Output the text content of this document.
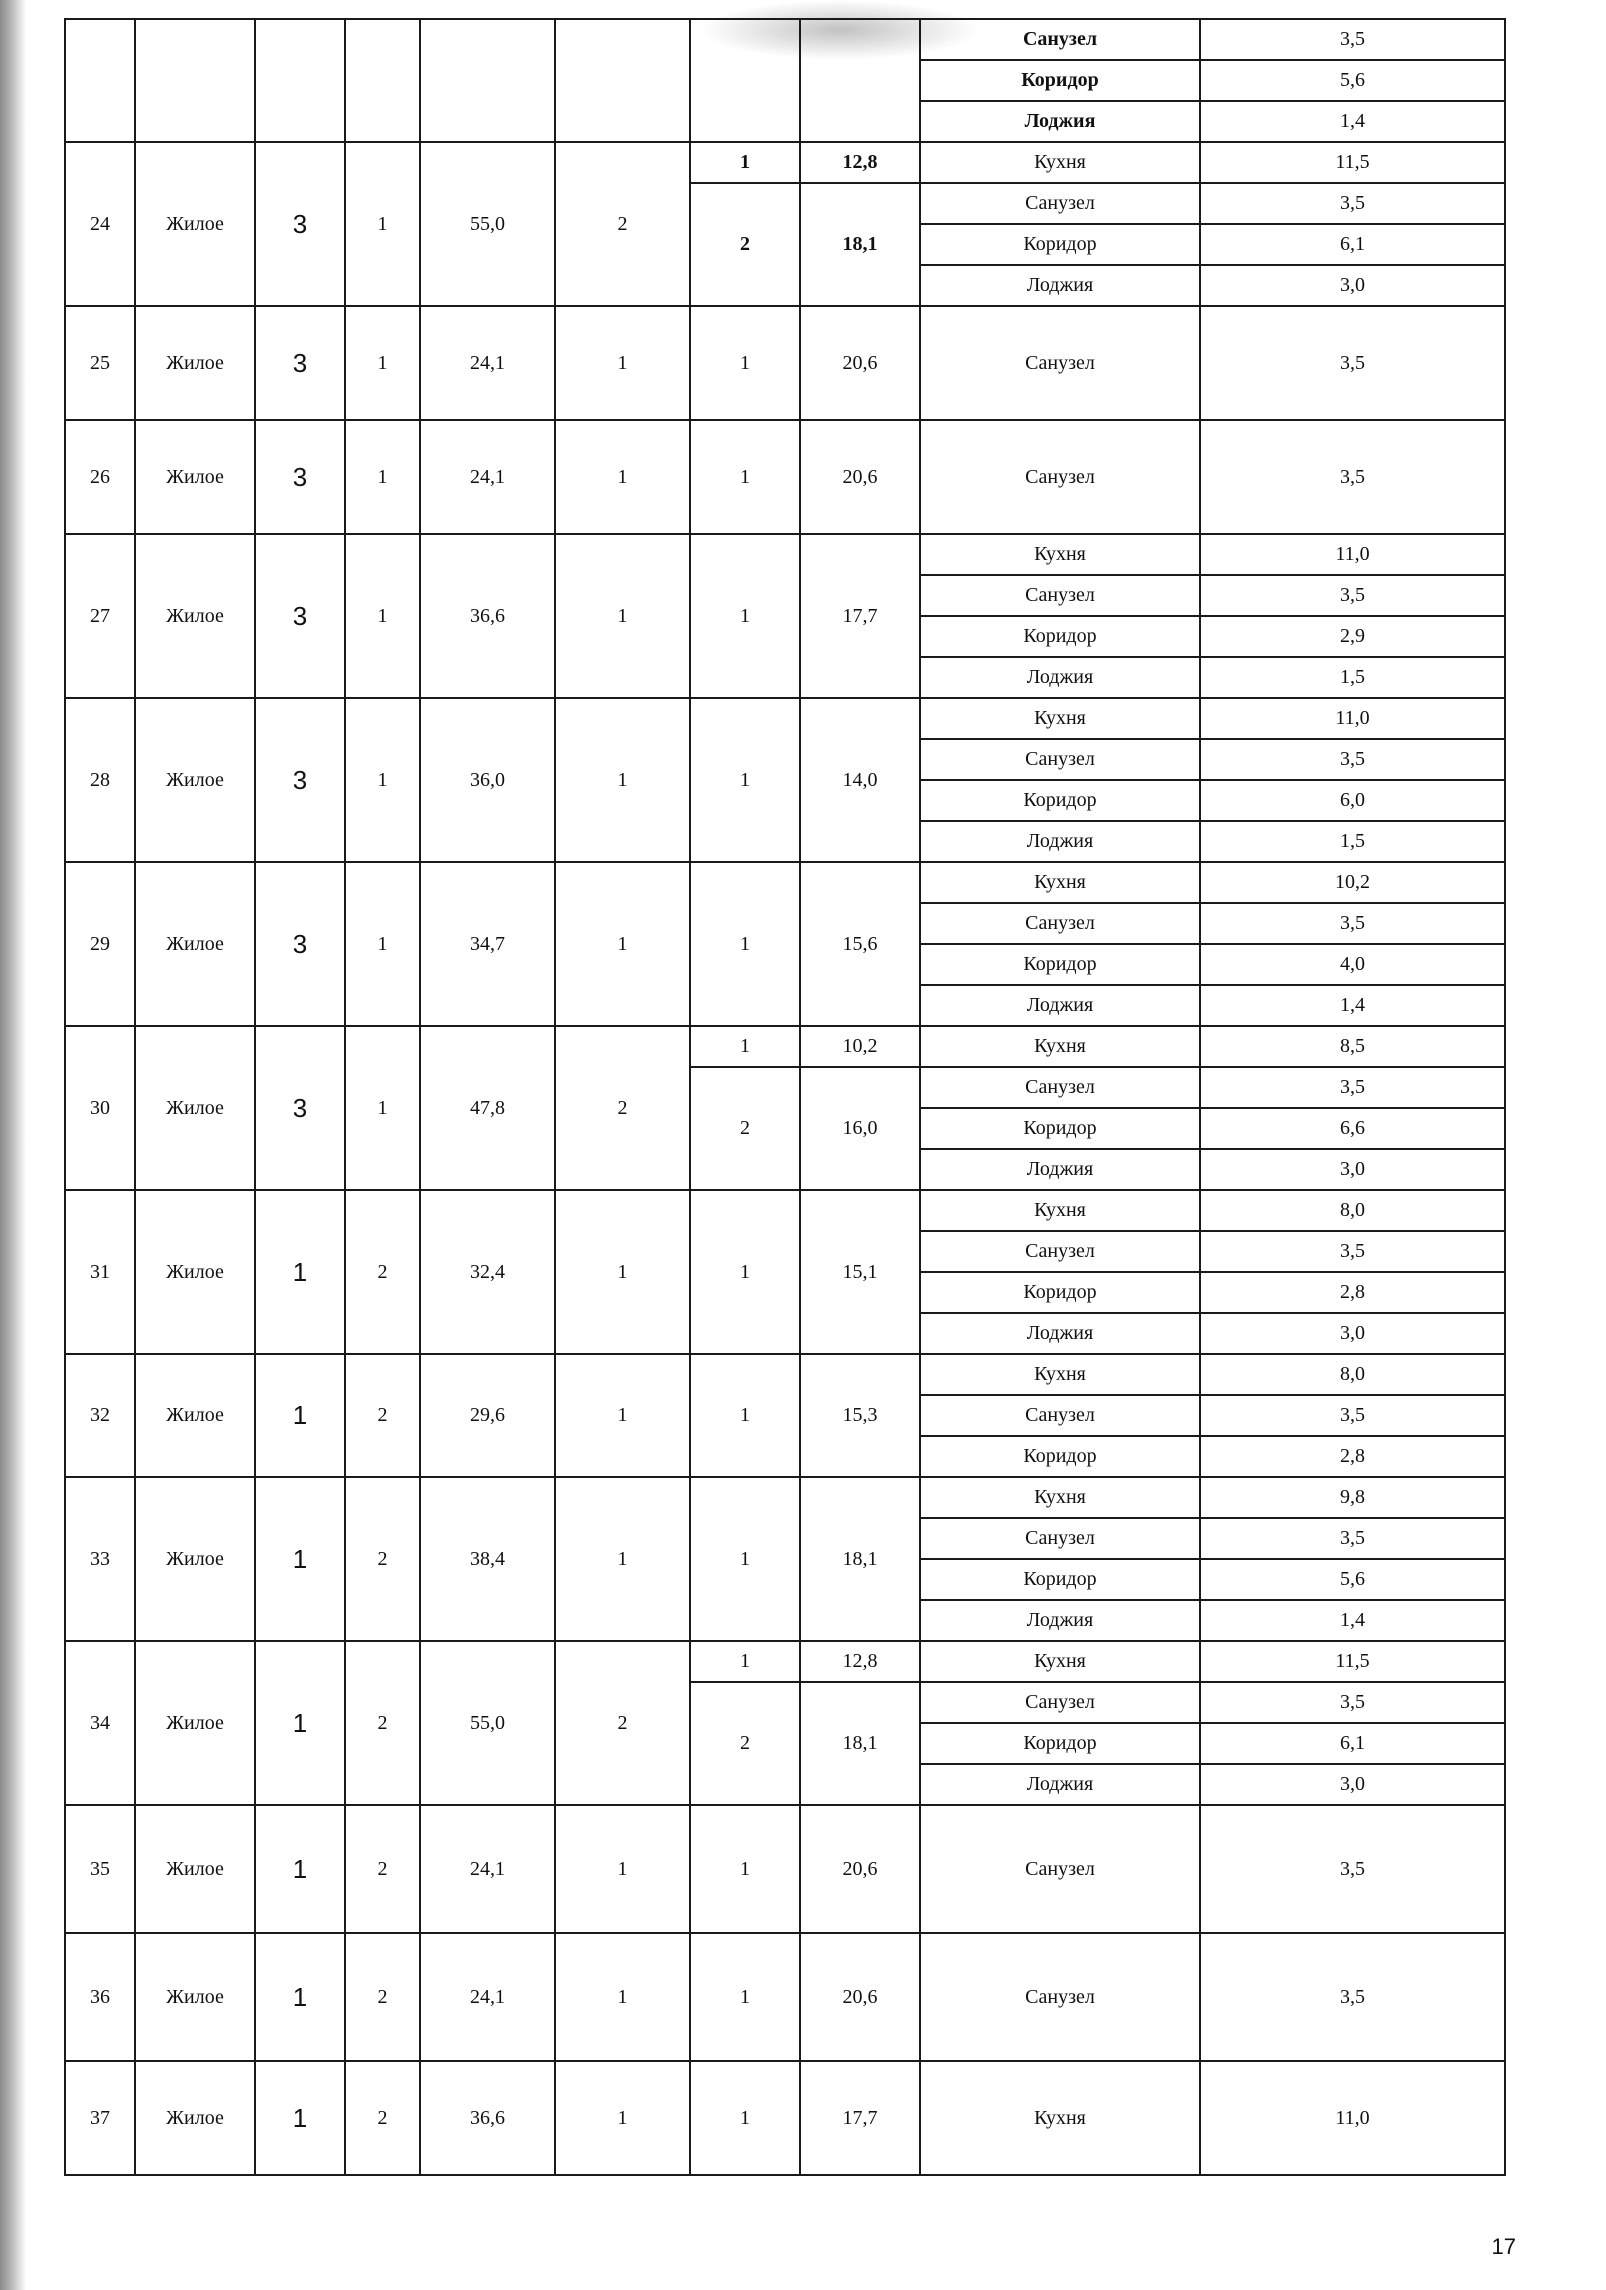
								Санузел	3,5
								Коридор	5,6
								Лоджия	1,4
24	Жилое	3	1	55,0	2	1	12,8	Кухня	11,5
						2	18,1	Санузел	3,5
								Коридор	6,1
								Лоджия	3,0
25	Жилое	3	1	24,1	1	1	20,6	Санузел	3,5
26	Жилое	3	1	24,1	1	1	20,6	Санузел	3,5
27	Жилое	3	1	36,6	1	1	17,7	Кухня	11,0
								Санузел	3,5
								Коридор	2,9
								Лоджия	1,5
28	Жилое	3	1	36,0	1	1	14,0	Кухня	11,0
								Санузел	3,5
								Коридор	6,0
								Лоджия	1,5
29	Жилое	3	1	34,7	1	1	15,6	Кухня	10,2
								Санузел	3,5
								Коридор	4,0
								Лоджия	1,4
30	Жилое	3	1	47,8	2	1	10,2	Кухня	8,5
						2	16,0	Санузел	3,5
								Коридор	6,6
								Лоджия	3,0
31	Жилое	1	2	32,4	1	1	15,1	Кухня	8,0
								Санузел	3,5
								Коридор	2,8
								Лоджия	3,0
32	Жилое	1	2	29,6	1	1	15,3	Кухня	8,0
								Санузел	3,5
								Коридор	2,8
33	Жилое	1	2	38,4	1	1	18,1	Кухня	9,8
								Санузел	3,5
								Коридор	5,6
								Лоджия	1,4
34	Жилое	1	2	55,0	2	1	12,8	Кухня	11,5
						2	18,1	Санузел	3,5
								Коридор	6,1
								Лоджия	3,0
35	Жилое	1	2	24,1	1	1	20,6	Санузел	3,5
36	Жилое	1	2	24,1	1	1	20,6	Санузел	3,5
37	Жилое	1	2	36,6	1	1	17,7	Кухня	11,0
17
